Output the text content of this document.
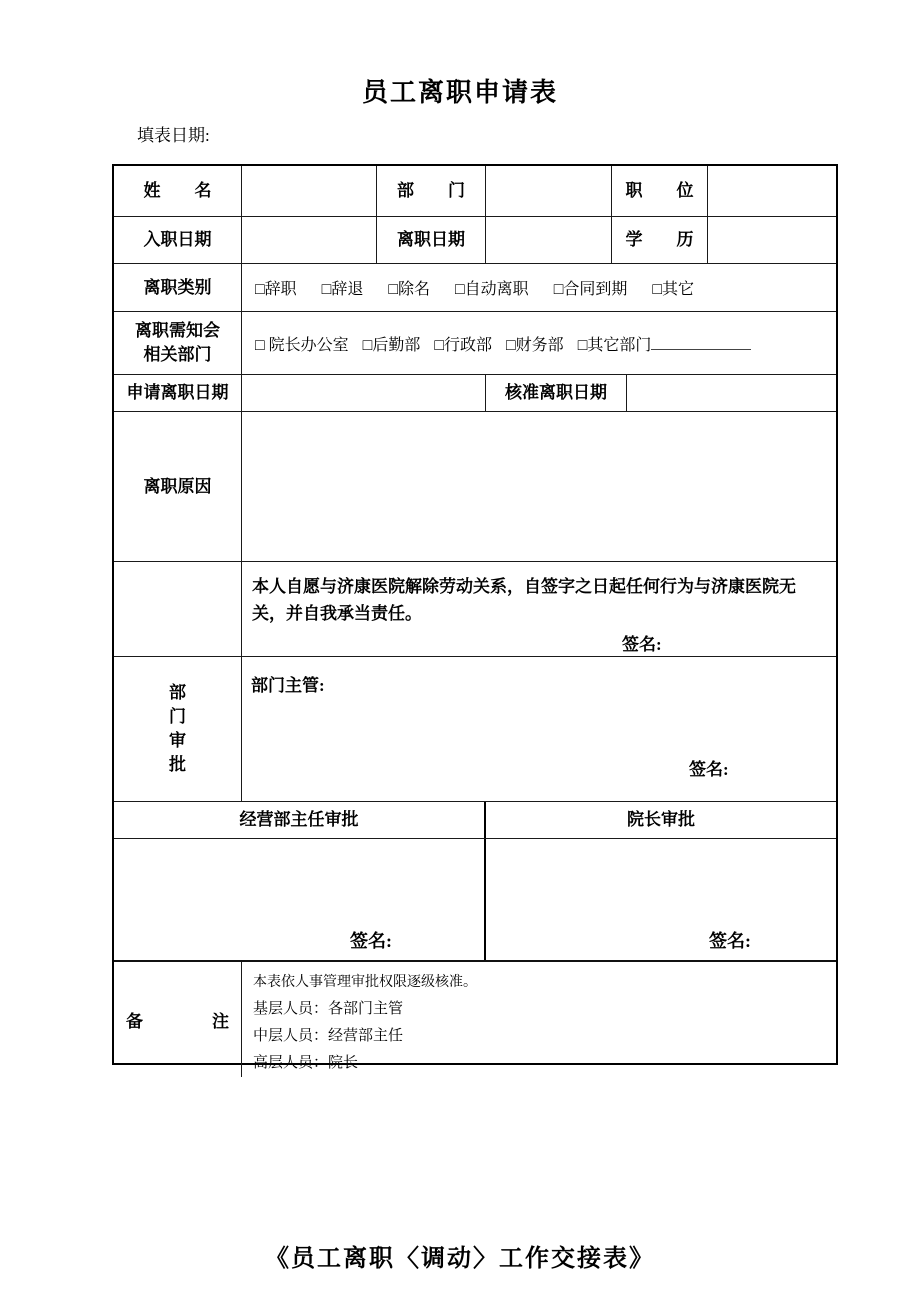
员工离职申请表
填表日期:
姓　　名	部　　门	职　　位
入职日期	离职日期	学　　历
离职类别	□辞职 □辞退 □除名 □自动离职 □合同到期 □其它
离职需知会
相关部门	□ 院长办公室 □后勤部 □行政部 □财务部 □其它部门
申请离职日期	核准离职日期
离职原因
本人自愿与济康医院解除劳动关系，自签字之日起任何行为与济康医院无关，并自我承当责任。
签名:
部门审批
部门主管:
签名:
经营部主任审批	院长审批
签名:	签名:
备	注
本表依人事管理审批权限逐级核准。
基层人员：各部门主管
中层人员：经营部主任
高层人员：院长
《员工离职〈调动〉工作交接表》
